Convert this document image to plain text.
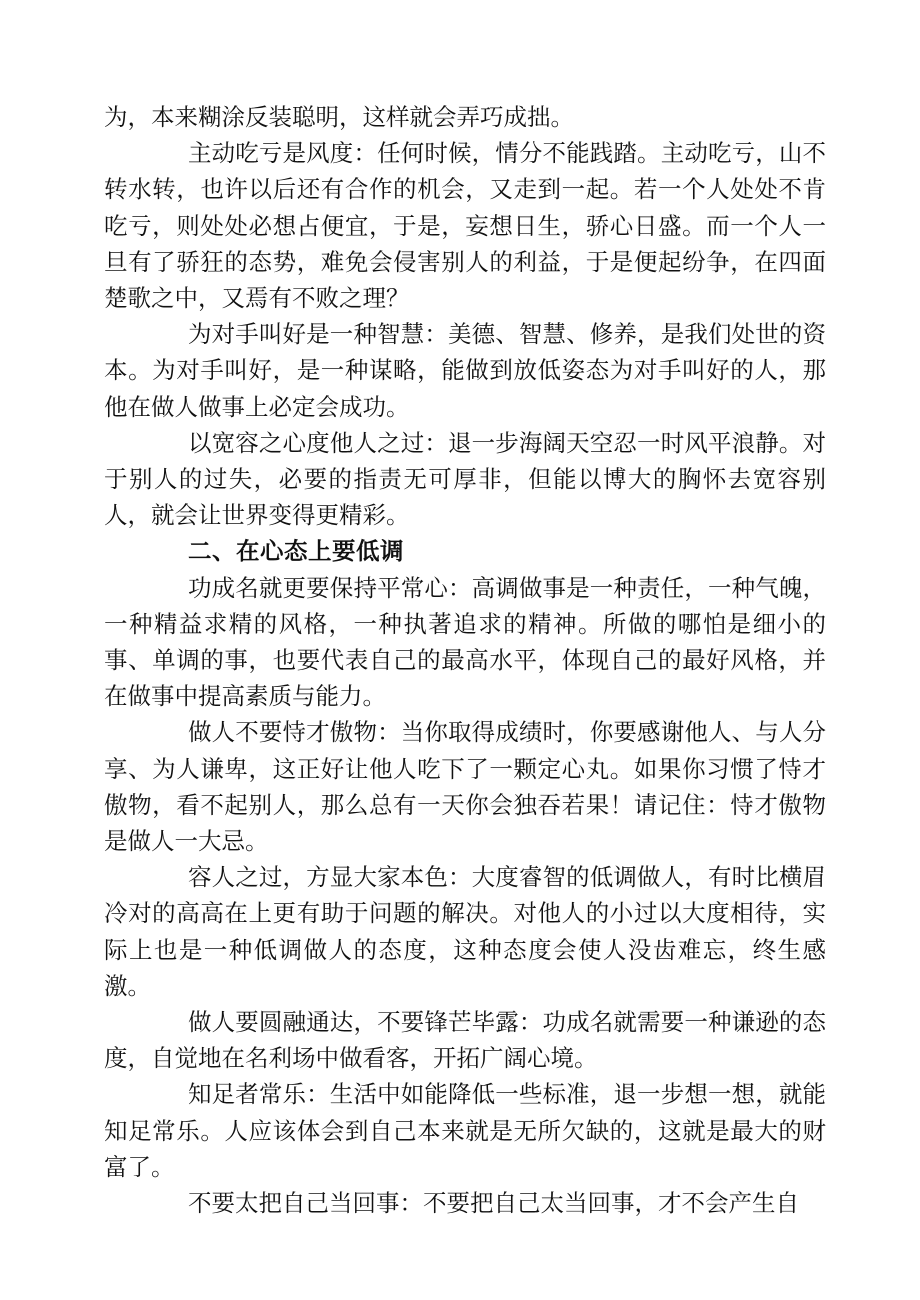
为，本来糊涂反装聪明，这样就会弄巧成拙。

主动吃亏是风度：任何时候，情分不能践踏。主动吃亏，山不转水转，也许以后还有合作的机会，又走到一起。若一个人处处不肯吃亏，则处处必想占便宜，于是，妄想日生，骄心日盛。而一个人一旦有了骄狂的态势，难免会侵害别人的利益，于是便起纷争，在四面楚歌之中，又焉有不败之理？

为对手叫好是一种智慧：美德、智慧、修养，是我们处世的资本。为对手叫好，是一种谋略，能做到放低姿态为对手叫好的人，那他在做人做事上必定会成功。

以宽容之心度他人之过：退一步海阔天空忍一时风平浪静。对于别人的过失，必要的指责无可厚非，但能以博大的胸怀去宽容别人，就会让世界变得更精彩。

二、在心态上要低调

功成名就更要保持平常心：高调做事是一种责任，一种气魄，一种精益求精的风格，一种执著追求的精神。所做的哪怕是细小的事、单调的事，也要代表自己的最高水平，体现自己的最好风格，并在做事中提高素质与能力。

做人不要恃才傲物：当你取得成绩时，你要感谢他人、与人分享、为人谦卑，这正好让他人吃下了一颗定心丸。如果你习惯了恃才傲物，看不起别人，那么总有一天你会独吞若果！请记住：恃才傲物是做人一大忌。

容人之过，方显大家本色：大度睿智的低调做人，有时比横眉冷对的高高在上更有助于问题的解决。对他人的小过以大度相待，实际上也是一种低调做人的态度，这种态度会使人没齿难忘，终生感激。

做人要圆融通达，不要锋芒毕露：功成名就需要一种谦逊的态度，自觉地在名利场中做看客，开拓广阔心境。

知足者常乐：生活中如能降低一些标准，退一步想一想，就能知足常乐。人应该体会到自己本来就是无所欠缺的，这就是最大的财富了。

不要太把自己当回事：不要把自己太当回事，才不会产生自
